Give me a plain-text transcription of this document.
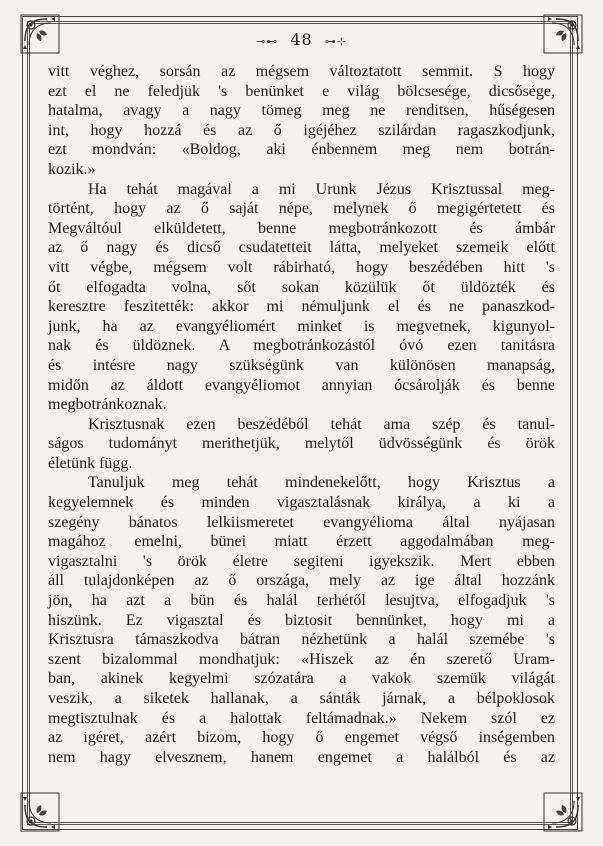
⊸⊷ 48 ⊶⊹
vitt véghez, sorsán az mégsem változtatott semmit. S hogy
ezt el ne feledjük 's benünket e világ bölcsesége, dicsősége,
hatalma, avagy a nagy tömeg meg ne renditsen, hűségesen
int, hogy hozzá és az ő igéjéhez szilárdan ragaszkodjunk,
ezt mondván: «Boldog, aki énbennem meg nem botrán-
kozik.»
Ha tehát magával a mi Urunk Jézus Krisztussal meg-
történt, hogy az ő saját népe, melynek ő megigértetett és
Megváltóul elküldetett, benne megbotránkozott és ámbár
az ő nagy és dicső csudatetteit látta, melyeket szemeik előtt
vitt végbe, mégsem volt rábirható, hogy beszédében hitt 's
őt elfogadta volna, sőt sokan közülük őt üldözték és
keresztre feszitették: akkor mi némuljunk el és ne panaszkod-
junk, ha az evangyéliomért minket is megvetnek, kigunyol-
nak és üldöznek. A megbotránkozástól óvó ezen tanitásra
és intésre nagy szükségünk van különösen manapság,
midőn az áldott evangyéliomot annyian ócsárolják és benne
megbotránkoznak.
Krisztusnak ezen beszédéből tehát ama szép és tanul-
ságos tudományt merithetjük, melytől üdvösségünk és örök
életünk függ.
Tanuljuk meg tehát mindenekelőtt, hogy Krisztus a
kegyelemnek és minden vigasztalásnak királya, a ki a
szegény bánatos lelkiismeretet evangyélioma által nyájasan
magához emelni, bünei miatt érzett aggodalmában meg-
vigasztalni 's örök életre segiteni igyekszik. Mert ebben
áll tulajdonképen az ő országa, mely az ige által hozzánk
jön, ha azt a bün és halál terhétől lesujtva, elfogadjuk 's
hiszünk. Ez vigasztal és biztosit bennünket, hogy mi a
Krisztusra támaszkodva bátran nézhetünk a halál szemébe 's
szent bizalommal mondhatjuk: «Hiszek az én szerető Uram-
ban, akinek kegyelmi szózatára a vakok szemük világát
veszik, a siketek hallanak, a sánták járnak, a bélpoklosok
megtisztulnak és a halottak feltámadnak.» Nekem szól ez
az igéret, azért bizom, hogy ő engemet végső inségemben
nem hagy elvesznem, hanem engemet a halálból és az
